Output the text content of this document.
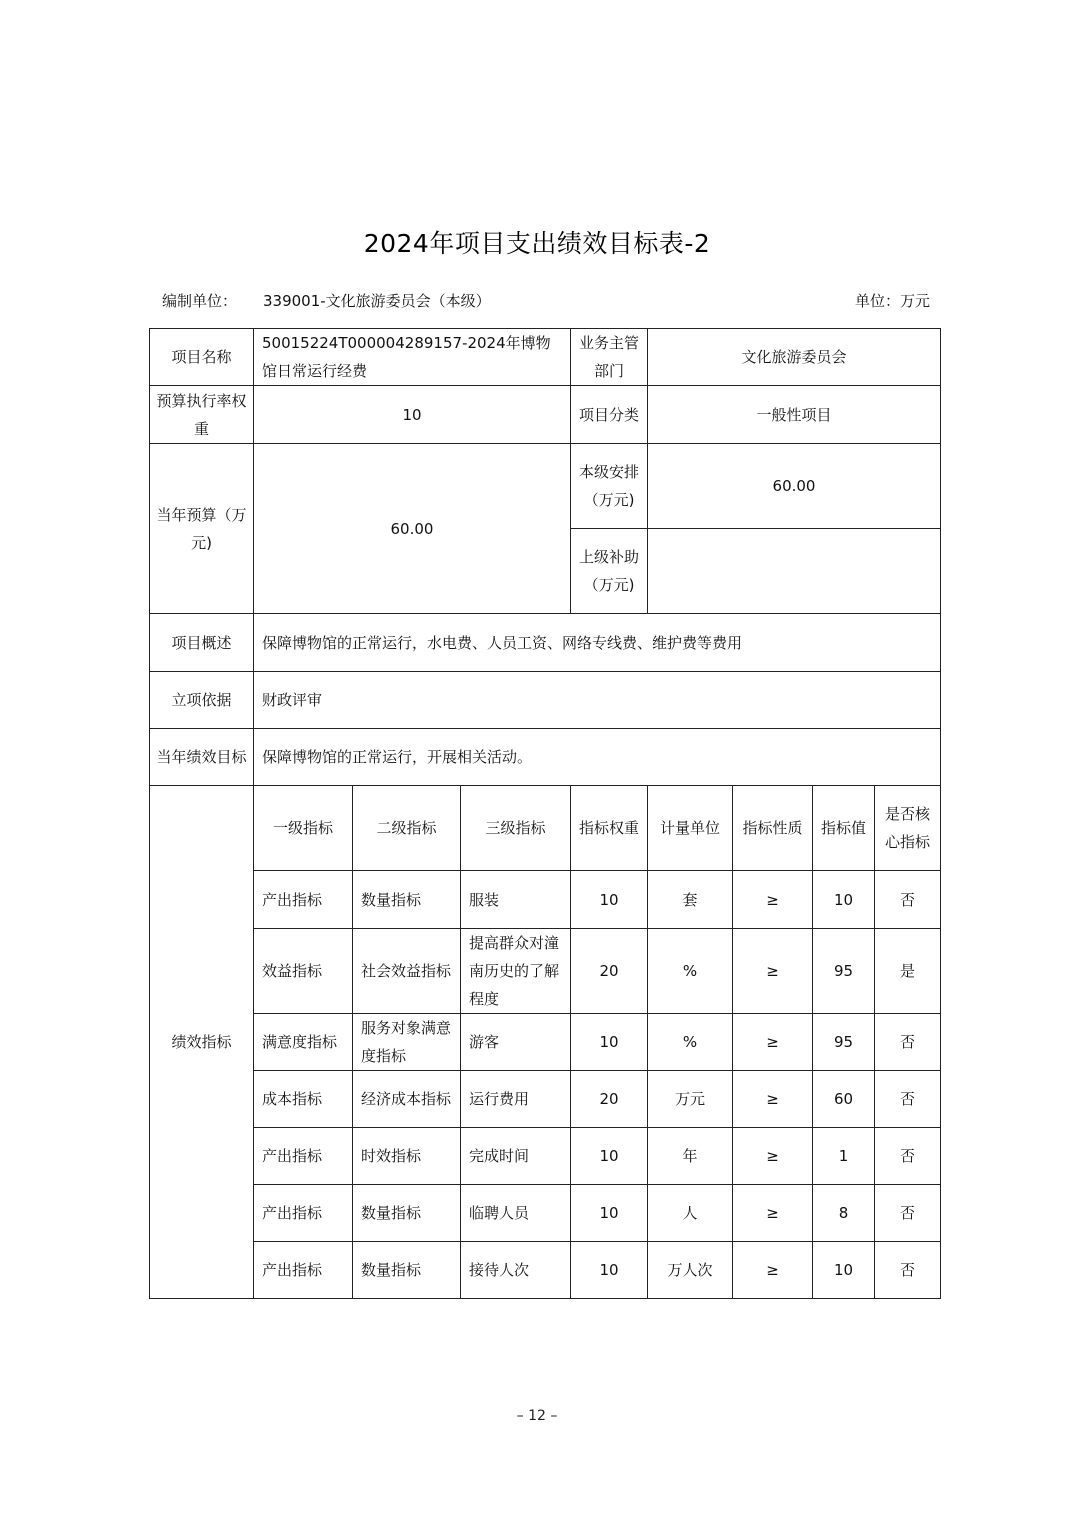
2024年项目支出绩效目标表-2
编制单位： 339001-文化旅游委员会（本级）	单位：万元
项目名称	50015224T000004289157-2024年博物馆日常运行经费			业务主管部门	文化旅游委员会			
预算执行率权重	10			项目分类	一般性项目			
当年预算（万元)	60.00			本级安排（万元)	60.00			
				上级补助（万元)				
项目概述	保障博物馆的正常运行，水电费、人员工资、网络专线费、维护费等费用							
立项依据	财政评审							
当年绩效目标	保障博物馆的正常运行，开展相关活动。							
绩效指标	一级指标	二级指标	三级指标	指标权重	计量单位	指标性质	指标值	是否核心指标
	产出指标	数量指标	服装	10	套	≥	10	否
	效益指标	社会效益指标	提高群众对潼南历史的了解程度	20	%	≥	95	是
	满意度指标	服务对象满意度指标	游客	10	%	≥	95	否
	成本指标	经济成本指标	运行费用	20	万元	≥	60	否
	产出指标	时效指标	完成时间	10	年	≥	1	否
	产出指标	数量指标	临聘人员	10	人	≥	8	否
	产出指标	数量指标	接待人次	10	万人次	≥	10	否
– 12 –
